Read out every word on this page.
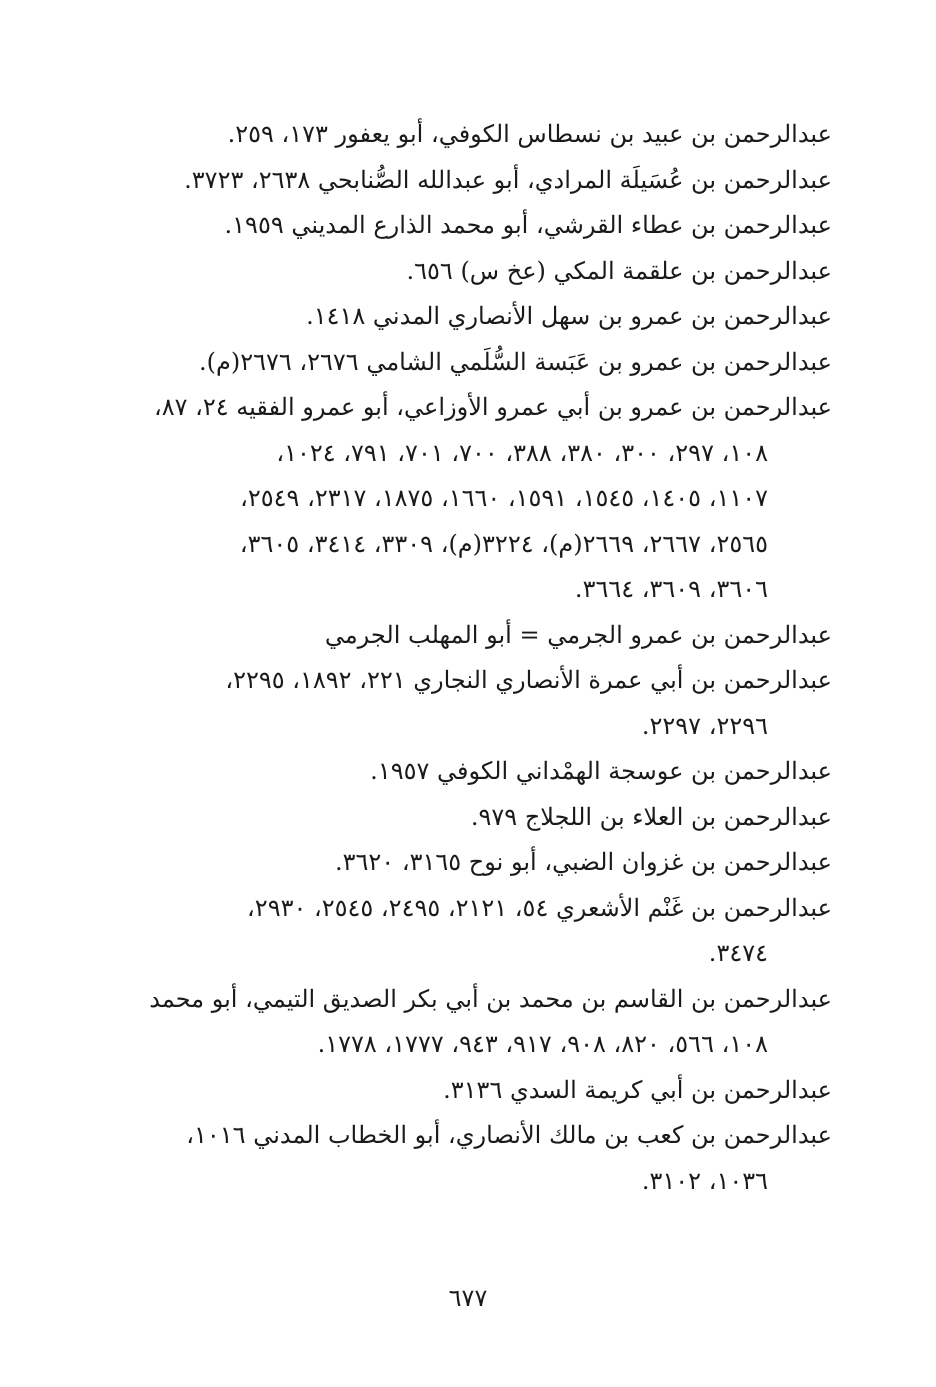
عبدالرحمن بن عبيد بن نسطاس الكوفي، أبو يعفور ١٧٣، ٢٥٩.

عبدالرحمن بن عُسَيلَة المرادي، أبو عبدالله الصُّنابحي ٢٦٣٨، ٣٧٢٣.

عبدالرحمن بن عطاء القرشي، أبو محمد الذارع المديني ١٩٥٩.

عبدالرحمن بن علقمة المكي (عخ س) ٦٥٦.

عبدالرحمن بن عمرو بن سهل الأنصاري المدني ١٤١٨.

عبدالرحمن بن عمرو بن عَبَسة السُّلَمي الشامي ٢٦٧٦، ٢٦٧٦(م).

عبدالرحمن بن عمرو بن أبي عمرو الأوزاعي، أبو عمرو الفقيه ٢٤، ٨٧،

١٠٨، ٢٩٧، ٣٠٠، ٣٨٠، ٣٨٨، ٧٠٠، ٧٠١، ٧٩١، ١٠٢٤،

١١٠٧، ١٤٠٥، ١٥٤٥، ١٥٩١، ١٦٦٠، ١٨٧٥، ٢٣١٧، ٢٥٤٩،

٢٥٦٥، ٢٦٦٧، ٢٦٦٩(م)، ٣٢٢٤(م)، ٣٣٠٩، ٣٤١٤، ٣٦٠٥،

٣٦٠٦، ٣٦٠٩، ٣٦٦٤.

عبدالرحمن بن عمرو الجرمي = أبو المهلب الجرمي

عبدالرحمن بن أبي عمرة الأنصاري النجاري ٢٢١، ١٨٩٢، ٢٢٩٥،

٢٢٩٦، ٢٢٩٧.

عبدالرحمن بن عوسجة الهمْداني الكوفي ١٩٥٧.

عبدالرحمن بن العلاء بن اللجلاج ٩٧٩.

عبدالرحمن بن غزوان الضبي، أبو نوح ٣١٦٥، ٣٦٢٠.

عبدالرحمن بن غَنْم الأشعري ٥٤، ٢١٢١، ٢٤٩٥، ٢٥٤٥، ٢٩٣٠،

٣٤٧٤.

عبدالرحمن بن القاسم بن محمد بن أبي بكر الصديق التيمي، أبو محمد

١٠٨، ٥٦٦، ٨٢٠، ٩٠٨، ٩١٧، ٩٤٣، ١٧٧٧، ١٧٧٨.

عبدالرحمن بن أبي كريمة السدي ٣١٣٦.

عبدالرحمن بن كعب بن مالك الأنصاري، أبو الخطاب المدني ١٠١٦،

١٠٣٦، ٣١٠٢.

٦٧٧
